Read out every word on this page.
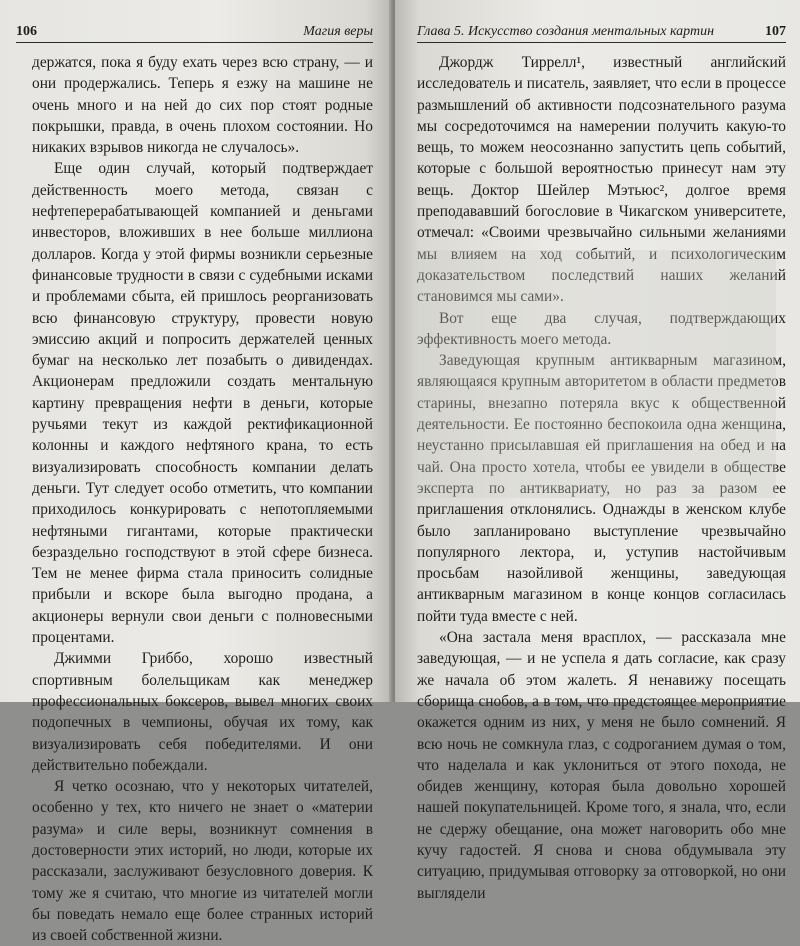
106	Магия веры

держатся, пока я буду ехать через всю страну, — и они продержались. Теперь я езжу на машине не очень много и на ней до сих пор стоят родные покрышки, правда, в очень плохом состоянии. Но никаких взрывов никогда не случалось».

Еще один случай, который подтверждает действенность моего метода, связан с нефтеперерабатывающей компанией и деньгами инвесторов, вложивших в нее больше миллиона долларов. Когда у этой фирмы возникли серьезные финансовые трудности в связи с судебными исками и проблемами сбыта, ей пришлось реорганизовать всю финансовую структуру, провести новую эмиссию акций и попросить держателей ценных бумаг на несколько лет позабыть о дивидендах. Акционерам предложили создать ментальную картину превращения нефти в деньги, которые ручьями текут из каждой ректификационной колонны и каждого нефтяного крана, то есть визуализировать способность компании делать деньги. Тут следует особо отметить, что компании приходилось конкурировать с непотопляемыми нефтяными гигантами, которые практически безраздельно господствуют в этой сфере бизнеса. Тем не менее фирма стала приносить солидные прибыли и вскоре была выгодно продана, а акционеры вернули свои деньги с полновесными процентами.

Джимми Гриббо, хорошо известный спортивным болельщикам как менеджер профессиональных боксеров, вывел многих своих подопечных в чемпионы, обучая их тому, как визуализировать себя победителями. И они действительно побеждали.

Я четко осознаю, что у некоторых читателей, особенно у тех, кто ничего не знает о «материи разума» и силе веры, возникнут сомнения в достоверности этих историй, но люди, которые их рассказали, заслуживают безусловного доверия. К тому же я считаю, что многие из читателей могли бы поведать немало еще более странных историй из своей собственной жизни.

Глава 5. Искусство создания ментальных картин	107

Джордж Тиррелл¹, известный английский исследователь и писатель, заявляет, что если в процессе размышлений об активности подсознательного разума мы сосредоточимся на намерении получить какую-то вещь, то можем неосознанно запустить цепь событий, которые с большой вероятностью принесут нам эту вещь. Доктор Шейлер Мэтьюс², долгое время преподававший богословие в Чикагском университете, отмечал: «Своими чрезвычайно сильными желаниями мы влияем на ход событий, и психологическим доказательством последствий наших желаний становимся мы сами».

Вот еще два случая, подтверждающих эффективность моего метода.

Заведующая крупным антикварным магазином, являющаяся крупным авторитетом в области предметов старины, внезапно потеряла вкус к общественной деятельности. Ее постоянно беспокоила одна женщина, неустанно присылавшая ей приглашения на обед и на чай. Она просто хотела, чтобы ее увидели в обществе эксперта по антиквариату, но раз за разом ее приглашения отклонялись. Однажды в женском клубе было запланировано выступление чрезвычайно популярного лектора, и, уступив настойчивым просьбам назойливой женщины, заведующая антикварным магазином в конце концов согласилась пойти туда вместе с ней.

«Она застала меня врасплох, — рассказала мне заведующая, — и не успела я дать согласие, как сразу же начала об этом жалеть. Я ненавижу посещать сборища снобов, а в том, что предстоящее мероприятие окажется одним из них, у меня не было сомнений. Я всю ночь не сомкнула глаз, с содроганием думая о том, что наделала и как уклониться от этого похода, не обидев женщину, которая была довольно хорошей нашей покупательницей. Кроме того, я знала, что, если не сдержу обещание, она может наговорить обо мне кучу гадостей. Я снова и снова обдумывала эту ситуацию, придумывая отговорку за отговоркой, но они выглядели
